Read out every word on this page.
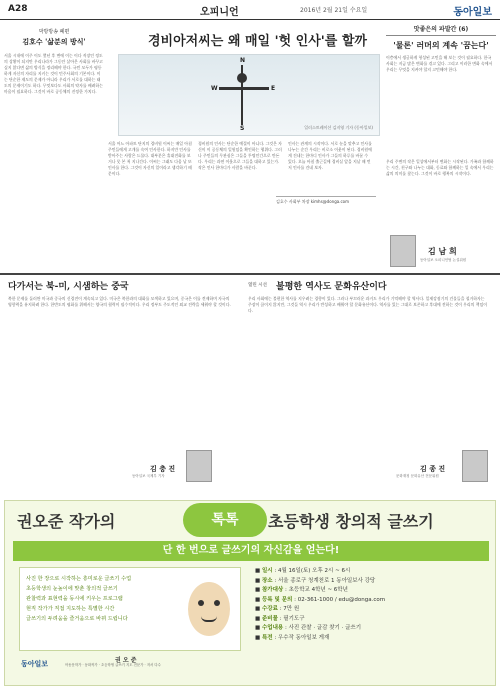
A28	오피니언	2016년 2월 21일 수요일	동아일보
막방방송 폐편
김호수 '삶분의 방식'
서울 시내에 이주 이도 몇년 후 변에 이는 이다 직장인 정도의 상황이 되지만 우리나라가 그동안 살아온 사회를 바꾸고 싶지 않다면 삶의 방식을 정리해야 한다. 국민 모두가 평등하게 자신의 자리를 지키는 것이 민주사회의 기본이다. 이는 단순한 제도의 문제가 아니라 우리가 서로를 대하는 태도의 문제이기도 하다. 무엇보다도 사회의 약자를 배려하는 마음이 필요하다. 그것이 바로 공동체의 진정한 가치다.
경비아저씨는 왜 매일 '헛 인사'를 할까
N
E
S
W
일러스트레이션 김지영 기자 (동아일보)
서울 어느 아파트 단지의 경비원 이씨는 매일 아침 주민들에게 고개를 숙여 인사한다. 하지만 인사를 받아주는 사람은 드물다. 대부분은 휴대전화를 보거나 못 본 척 지나간다. 이씨는 그래도 다음 날 또 인사를 한다. 그것이 자신의 일이라고 생각하기 때문이다.
경비원의 인사는 단순한 예절이 아니다. 그것은 자신이 이 공동체의 일원임을 확인하는 행위다. 그러나 주민들의 무관심은 그들을 투명인간으로 만든다. 우리는 과연 이웃으로 그들을 대하고 있는가. 작은 인사 한마디가 사람을 바꾼다.
인사는 관계의 시작이다. 서로 눈을 맞추고 인사를 나누는 순간 우리는 비로소 이웃이 된다. 경비원에게 건네는 한마디 인사가 그들의 하루를 바꿀 수 있다. 오늘 아침 출근길에 경비실 앞을 지날 때 먼저 인사를 건네 보자.
김호수 사회부 차장 kimhs@donga.com
맛좋은의 파발간 (6)
'물론' 러머의 계속 '꿈는다'
이층에서 생글하게 형성된 고민을 해 보는 것이 필요하다. 한국 사회는 지금 많은 변화를 겪고 있다. 그리고 이러한 변화 속에서 우리는 무엇을 지켜야 할지 고민해야 한다.
우리 주변의 작은 일상에서부터 변화는 시작된다. 가족과 함께하는 시간, 친구와 나누는 대화, 동료와 함께하는 일 속에서 우리는 삶의 의미를 찾는다. 그것이 바로 행복의 시작이다.
김 남 희
동아일보 오피니언팀 논설위원
다가서는 북-미, 시샘하는 중국
북한 문제를 둘러싼 미국과 중국의 신경전이 계속되고 있다. 미국은 북한과의 대화를 모색하고 있으며, 중국은 이를 견제하며 자국의 영향력을 유지하려 한다. 한반도의 평화를 위해서는 양국의 협력이 필수적이다. 우리 정부도 주도적인 외교 전략을 세워야 할 것이다.
김 충 진
동아일보 국제부 기자
열린 시선 불평한 역사도 문화유산이다
우리 사회에는 불편한 역사를 지우려는 경향이 있다. 그러나 부끄러운 과거도 우리가 기억해야 할 역사다. 일제강점기의 건물들을 철거하자는 주장이 끊이지 않지만, 그것들 역시 우리가 반성하고 배워야 할 문화유산이다. 역사를 있는 그대로 보존하고 후대에 전하는 것이 우리의 책임이다.
김 종 진
문화재청 문화유산 전문위원
권오준 작가의	톡톡	초등학생 창의적 글쓰기
단 한 번으로 글쓰기의 자신감을 얻는다!
사진 한 장으로 시작하는 흥미로운 글쓰기 수업
초등학생의 눈높이에 맞춘 창의적 글쓰기
관찰력과 표현력을 동시에 키우는 프로그램
현직 작가가 직접 지도하는 특별한 시간
글쓰기의 두려움을 즐거움으로 바꿔 드립니다
권 오 준
아동문학가 · 동화작가 · 초등학생 글쓰기 지도 전문가 · 저서 다수
동아일보
■ 일시 : 4월 16일(토) 오후 2시 ~ 6시
■ 장소 : 서울 종로구 청계천로 1 동아일보사 강당
■ 참가대상 : 초등학교 4학년 ~ 6학년
■ 등록 및 문의 : 02-361-1000 / edu@donga.com
■ 수강료 : 7만 원
■ 준비물 : 필기도구
■ 수업내용 : 사진 관찰 · 글감 찾기 · 글쓰기
■ 특전 : 우수작 동아일보 게재
